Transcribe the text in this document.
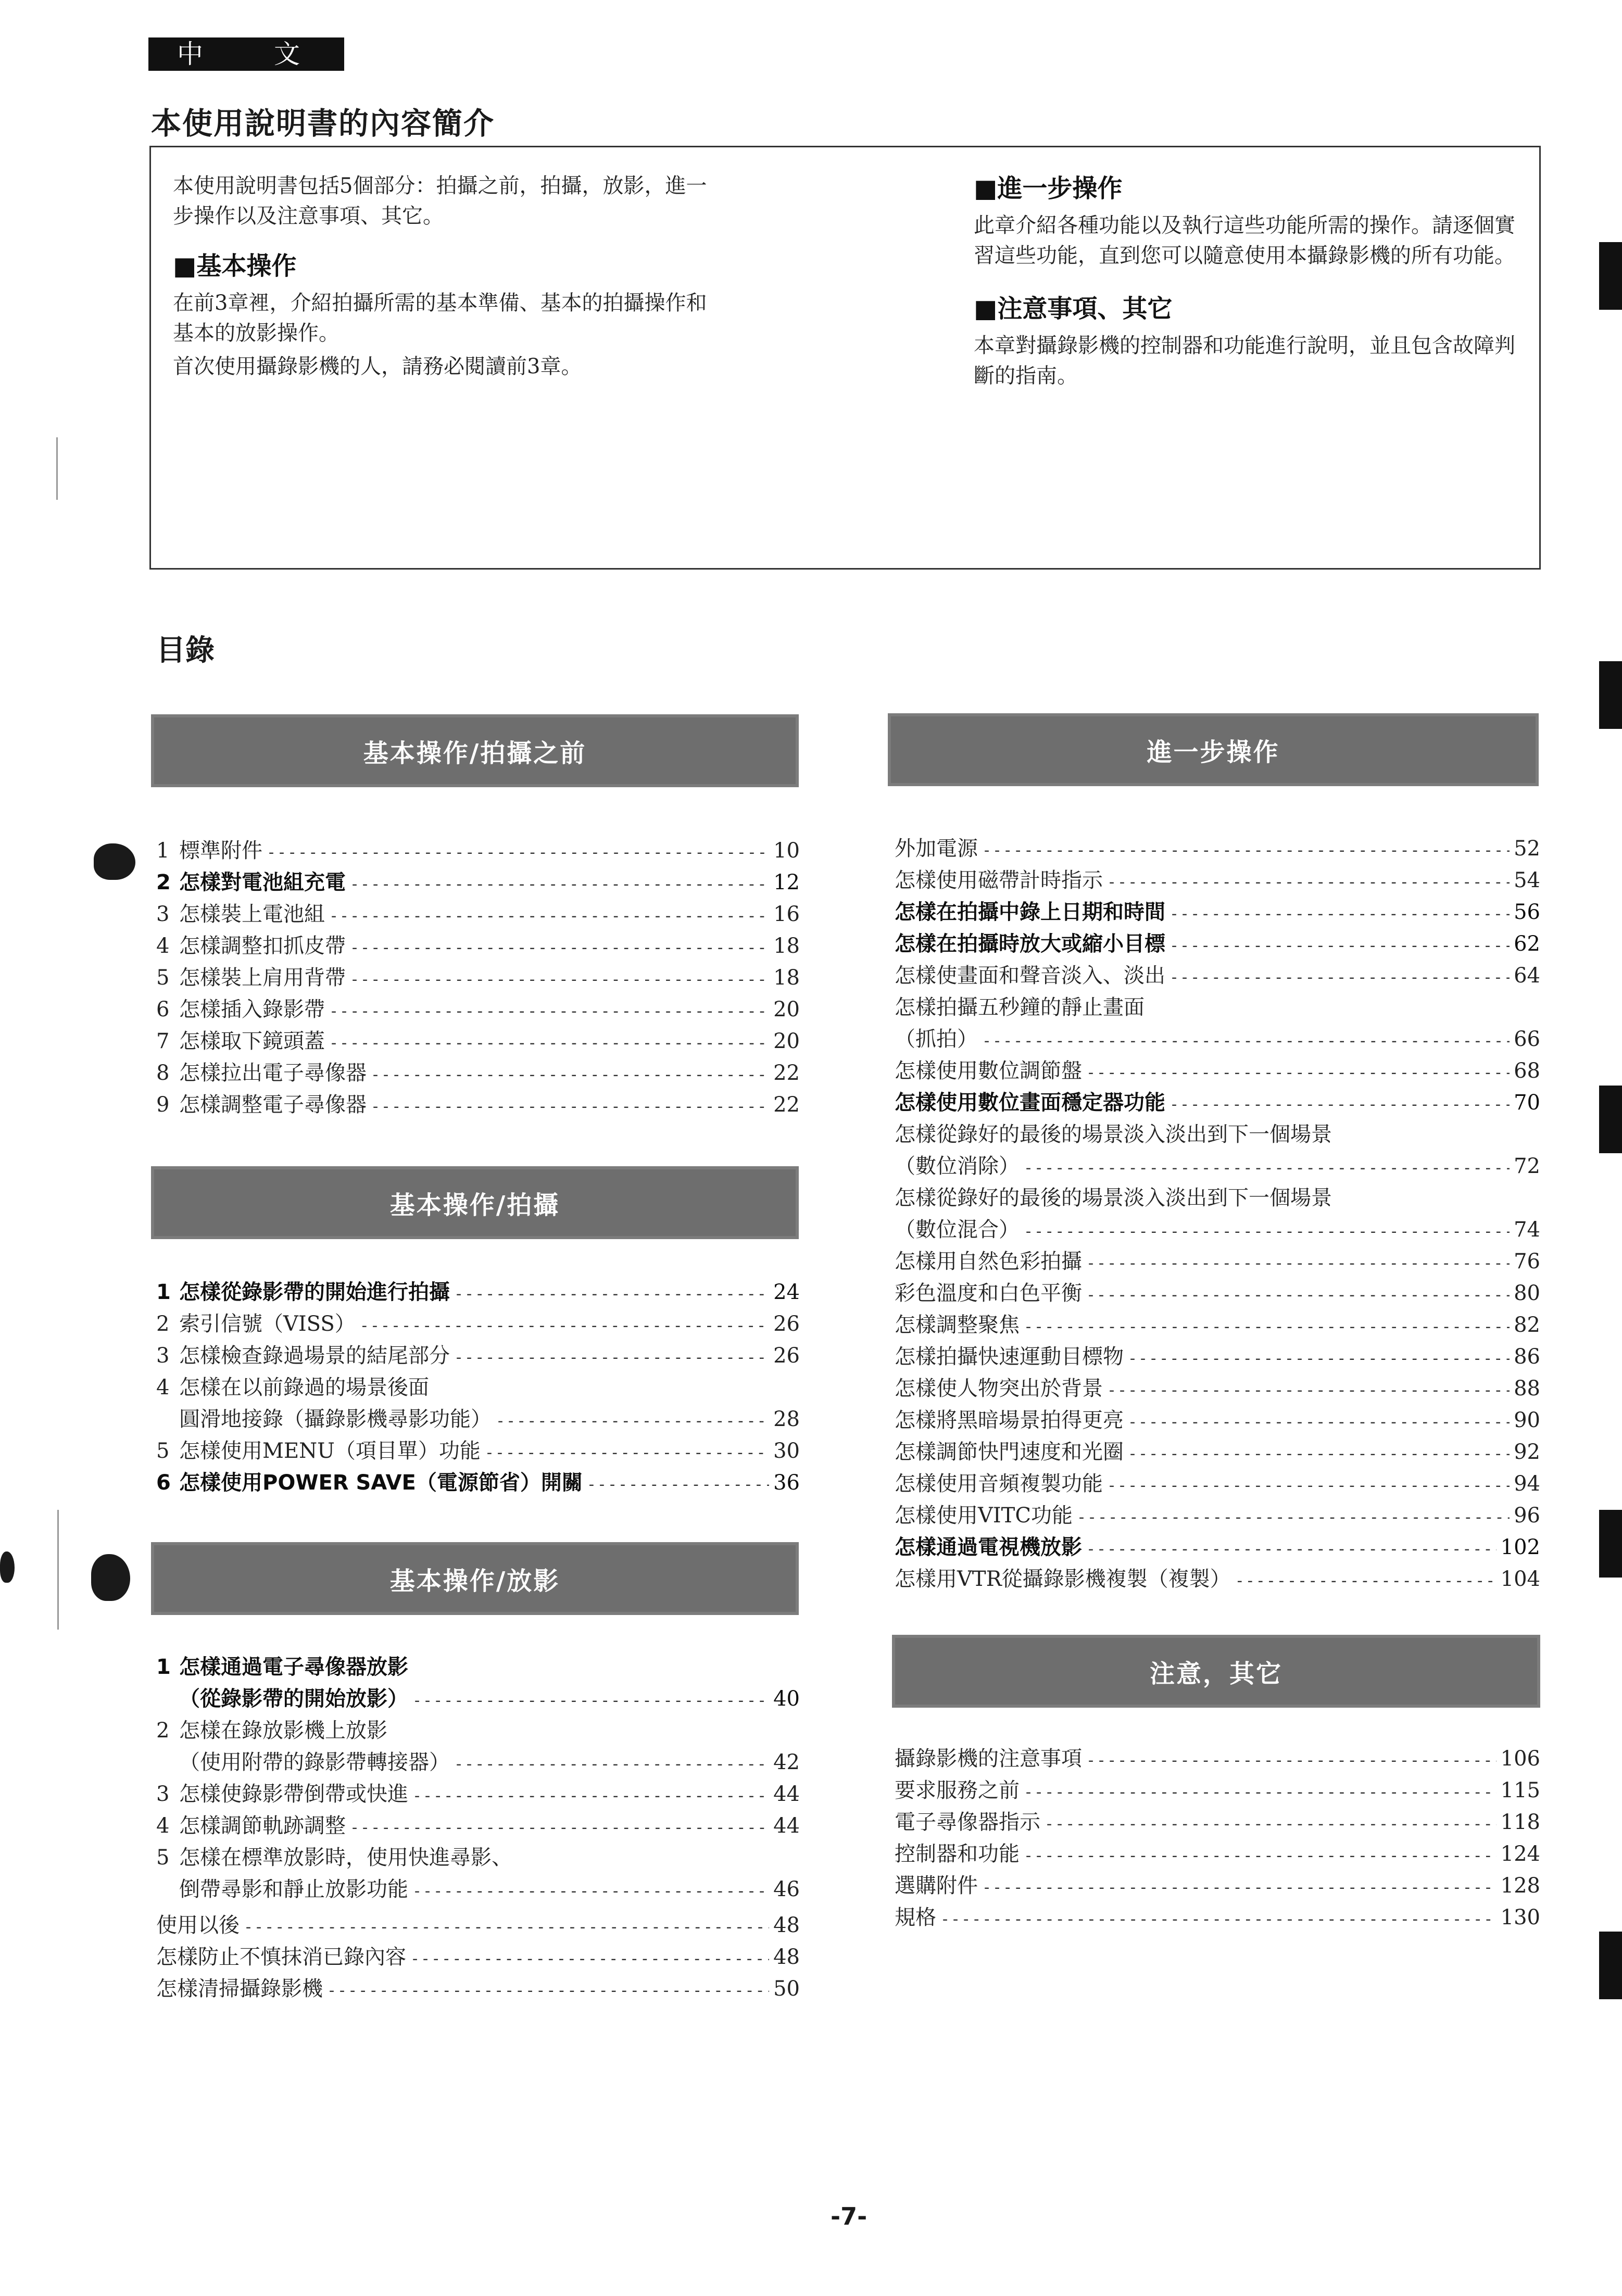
中 文
本使用說明書的內容簡介
本使用說明書包括5個部分：拍攝之前，拍攝，放影，進一步操作以及注意事項、其它。
■基本操作
在前3章裡，介紹拍攝所需的基本準備、基本的拍攝操作和基本的放影操作。
首次使用攝錄影機的人，請務必閱讀前3章。
■進一步操作
此章介紹各種功能以及執行這些功能所需的操作。請逐個實習這些功能，直到您可以隨意使用本攝錄影機的所有功能。
■注意事項、其它
本章對攝錄影機的控制器和功能進行說明，並且包含故障判斷的指南。
目錄
基本操作/拍攝之前
1 標準附件 -----	10
2 怎樣對電池組充電 -----	12
3 怎樣裝上電池組 -----	16
4 怎樣調整扣抓皮帶 -----	18
5 怎樣裝上肩用背帶 -----	18
6 怎樣插入錄影帶 -----	20
7 怎樣取下鏡頭蓋 -----	20
8 怎樣拉出電子尋像器 -----	22
9 怎樣調整電子尋像器 -----	22
基本操作/拍攝
1 怎樣從錄影帶的開始進行拍攝 -----	24
2 索引信號（VISS） -----	26
3 怎樣檢查錄過場景的結尾部分 -----	26
4 怎樣在以前錄過的場景後面
圓滑地接錄（攝錄影機尋影功能） -----	28
5 怎樣使用MENU（項目單）功能 -----	30
6 怎樣使用POWER SAVE（電源節省）開關 -----	36
基本操作/放影
1 怎樣通過電子尋像器放影
（從錄影帶的開始放影） -----	40
2 怎樣在錄放影機上放影
（使用附帶的錄影帶轉接器） -----	42
3 怎樣使錄影帶倒帶或快進 -----	44
4 怎樣調節軌跡調整 -----	44
5 怎樣在標準放影時，使用快進尋影、
倒帶尋影和靜止放影功能 -----	46
使用以後 -----	48
怎樣防止不慎抹消已錄內容 -----	48
怎樣清掃攝錄影機 -----	50
進一步操作
外加電源 -----	52
怎樣使用磁帶計時指示 -----	54
怎樣在拍攝中錄上日期和時間 -----	56
怎樣在拍攝時放大或縮小目標 -----	62
怎樣使畫面和聲音淡入、淡出 -----	64
怎樣拍攝五秒鐘的靜止畫面
（抓拍） -----	66
怎樣使用數位調節盤 -----	68
怎樣使用數位畫面穩定器功能 -----	70
怎樣從錄好的最後的場景淡入淡出到下一個場景
（數位消除） -----	72
怎樣從錄好的最後的場景淡入淡出到下一個場景
（數位混合） -----	74
怎樣用自然色彩拍攝 -----	76
彩色溫度和白色平衡 -----	80
怎樣調整聚焦 -----	82
怎樣拍攝快速運動目標物 -----	86
怎樣使人物突出於背景 -----	88
怎樣將黑暗場景拍得更亮 -----	90
怎樣調節快門速度和光圈 -----	92
怎樣使用音頻複製功能 -----	94
怎樣使用VITC功能 -----	96
怎樣通過電視機放影 -----	102
怎樣用VTR從攝錄影機複製（複製） -----	104
注意，其它
攝錄影機的注意事項 -----	106
要求服務之前 -----	115
電子尋像器指示 -----	118
控制器和功能 -----	124
選購附件 -----	128
規格 -----	130
-7-
